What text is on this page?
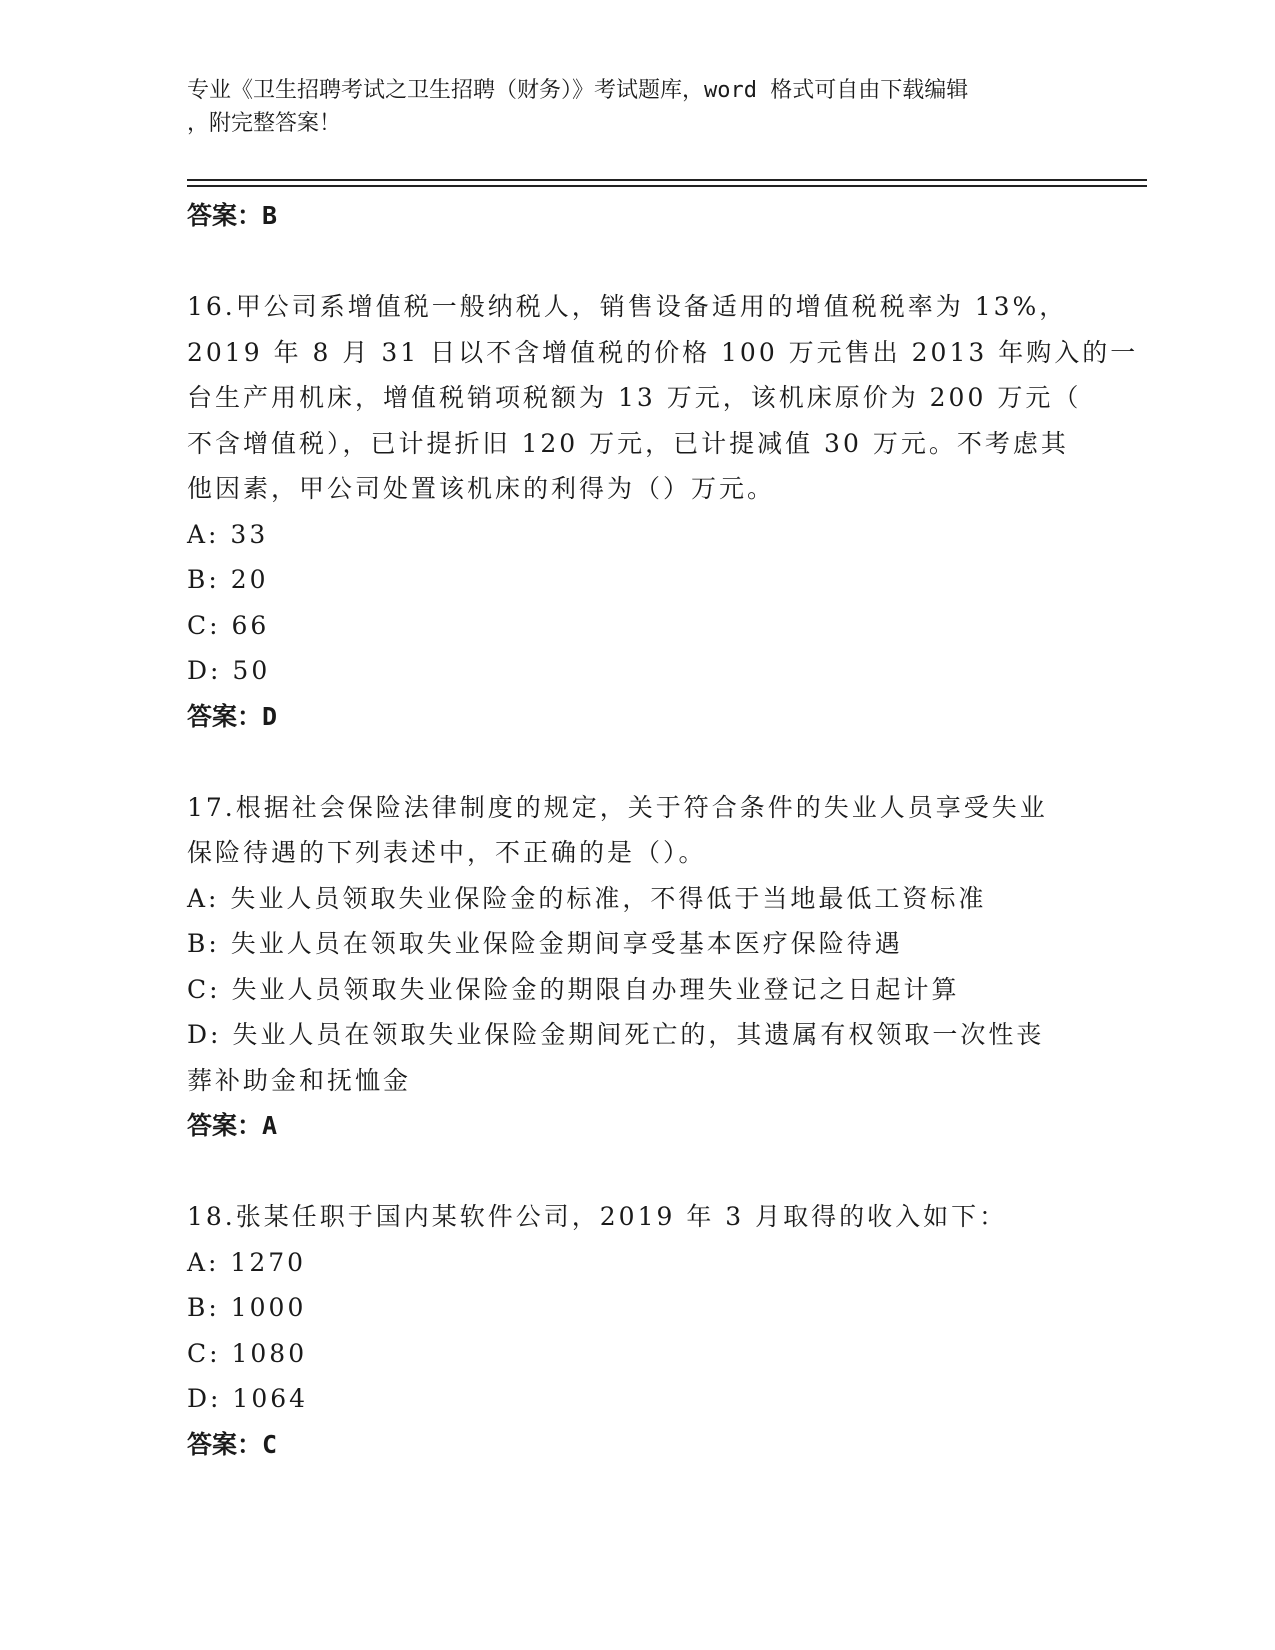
专业《卫生招聘考试之卫生招聘（财务）》考试题库，word 格式可自由下载编辑
，附完整答案！
答案：B
16.甲公司系增值税一般纳税人，销售设备适用的增值税税率为 13%，
2019 年 8 月 31 日以不含增值税的价格 100 万元售出 2013 年购入的一
台生产用机床，增值税销项税额为 13 万元，该机床原价为 200 万元（
不含增值税），已计提折旧 120 万元，已计提减值 30 万元。不考虑其
他因素，甲公司处置该机床的利得为（）万元。
A: 33
B: 20
C: 66
D: 50
答案：D
17.根据社会保险法律制度的规定，关于符合条件的失业人员享受失业
保险待遇的下列表述中，不正确的是（）。
A: 失业人员领取失业保险金的标准，不得低于当地最低工资标准
B: 失业人员在领取失业保险金期间享受基本医疗保险待遇
C: 失业人员领取失业保险金的期限自办理失业登记之日起计算
D: 失业人员在领取失业保险金期间死亡的，其遗属有权领取一次性丧
葬补助金和抚恤金
答案：A
18.张某任职于国内某软件公司，2019 年 3 月取得的收入如下：
A: 1270
B: 1000
C: 1080
D: 1064
答案：C
